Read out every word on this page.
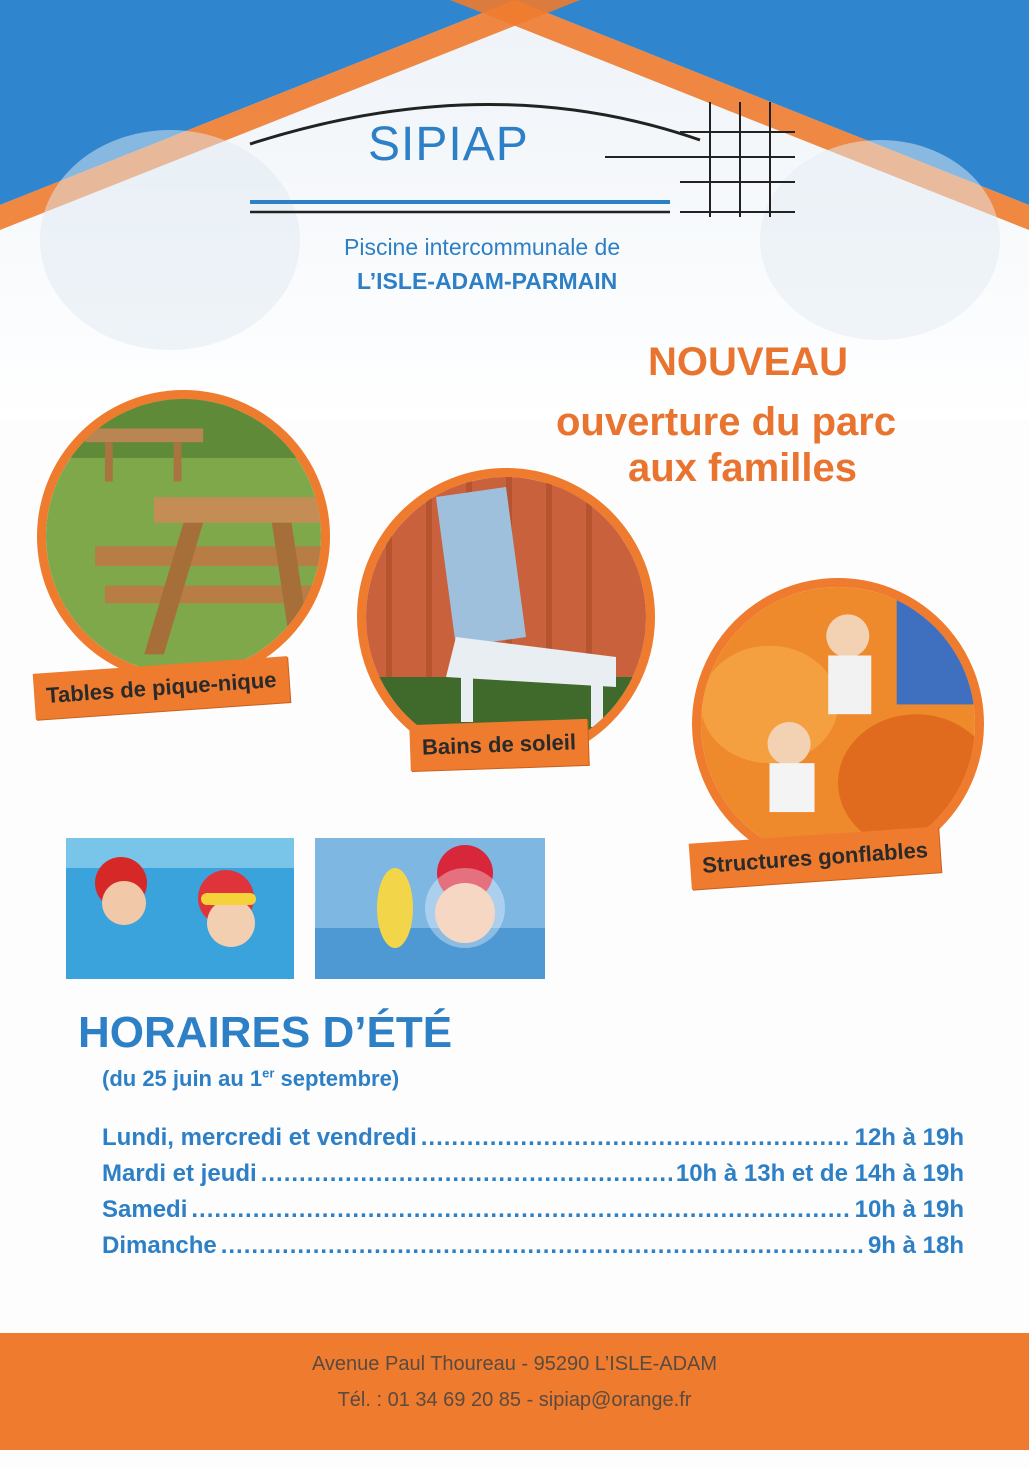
SIPIAP
Piscine intercommunale de
L’ISLE-ADAM-PARMAIN
NOUVEAU
ouverture du parc
aux familles
Tables de pique-nique
Bains de soleil
Structures gonflables
HORAIRES D’ÉTÉ
(du 25 juin au 1er septembre)
Lundi, mercredi et vendredi .....	12h à 19h
Mardi et jeudi .....	10h à 13h et de 14h à 19h
Samedi .....	10h à 19h
Dimanche .....	9h à 18h
Avenue Paul Thoureau - 95290 L’ISLE-ADAM
Tél. : 01 34 69 20 85 - sipiap@orange.fr
